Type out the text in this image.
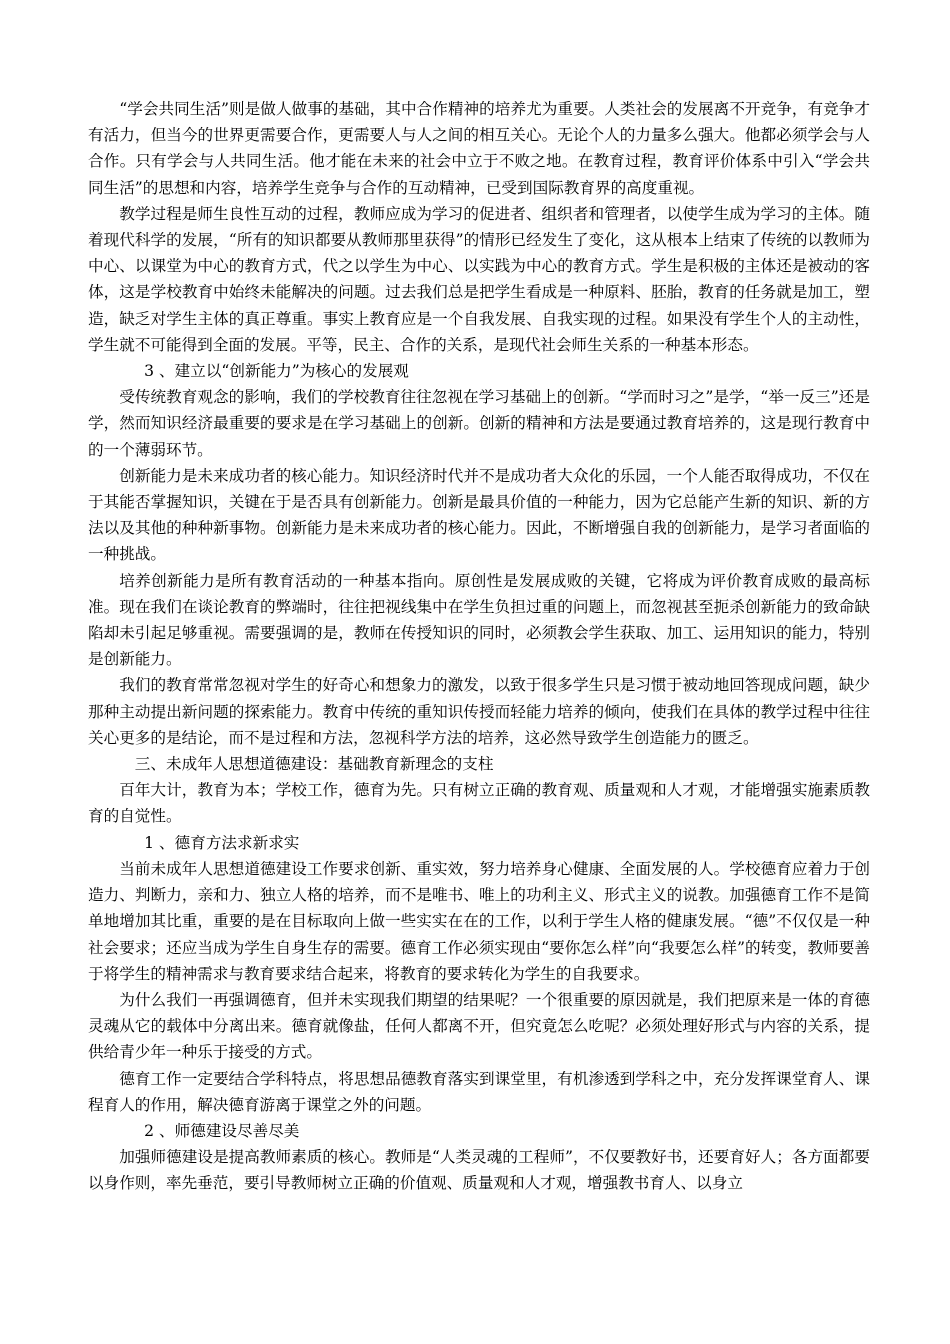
“学会共同生活”则是做人做事的基础，其中合作精神的培养尤为重要。人类社会的发展离不开竞争，有竞争才有活力，但当今的世界更需要合作，更需要人与人之间的相互关心。无论个人的力量多么强大。他都必须学会与人合作。只有学会与人共同生活。他才能在未来的社会中立于不败之地。在教育过程，教育评价体系中引入“学会共同生活”的思想和内容，培养学生竞争与合作的互动精神，已受到国际教育界的高度重视。

教学过程是师生良性互动的过程，教师应成为学习的促进者、组织者和管理者，以使学生成为学习的主体。随着现代科学的发展，“所有的知识都要从教师那里获得”的情形已经发生了变化，这从根本上结束了传统的以教师为中心、以课堂为中心的教育方式，代之以学生为中心、以实践为中心的教育方式。学生是积极的主体还是被动的客体，这是学校教育中始终未能解决的问题。过去我们总是把学生看成是一种原料、胚胎，教育的任务就是加工，塑造，缺乏对学生主体的真正尊重。事实上教育应是一个自我发展、自我实现的过程。如果没有学生个人的主动性，学生就不可能得到全面的发展。平等，民主、合作的关系，是现代社会师生关系的一种基本形态。

3 、建立以“创新能力”为核心的发展观

受传统教育观念的影响，我们的学校教育往往忽视在学习基础上的创新。“学而时习之”是学，“举一反三”还是学，然而知识经济最重要的要求是在学习基础上的创新。创新的精神和方法是要通过教育培养的，这是现行教育中的一个薄弱环节。

创新能力是未来成功者的核心能力。知识经济时代并不是成功者大众化的乐园，一个人能否取得成功，不仅在于其能否掌握知识，关键在于是否具有创新能力。创新是最具价值的一种能力，因为它总能产生新的知识、新的方法以及其他的种种新事物。创新能力是未来成功者的核心能力。因此，不断增强自我的创新能力，是学习者面临的一种挑战。

培养创新能力是所有教育活动的一种基本指向。原创性是发展成败的关键，它将成为评价教育成败的最高标准。现在我们在谈论教育的弊端时，往往把视线集中在学生负担过重的问题上，而忽视甚至扼杀创新能力的致命缺陷却未引起足够重视。需要强调的是，教师在传授知识的同时，必须教会学生获取、加工、运用知识的能力，特别是创新能力。

我们的教育常常忽视对学生的好奇心和想象力的激发，以致于很多学生只是习惯于被动地回答现成问题，缺少那种主动提出新问题的探索能力。教育中传统的重知识传授而轻能力培养的倾向，使我们在具体的教学过程中往往关心更多的是结论，而不是过程和方法，忽视科学方法的培养，这必然导致学生创造能力的匮乏。

三、未成年人思想道德建设：基础教育新理念的支柱

百年大计，教育为本；学校工作，德育为先。只有树立正确的教育观、质量观和人才观，才能增强实施素质教育的自觉性。

1 、德育方法求新求实

当前未成年人思想道德建设工作要求创新、重实效，努力培养身心健康、全面发展的人。学校德育应着力于创造力、判断力，亲和力、独立人格的培养，而不是唯书、唯上的功利主义、形式主义的说教。加强德育工作不是简单地增加其比重，重要的是在目标取向上做一些实实在在的工作，以利于学生人格的健康发展。“德”不仅仅是一种社会要求；还应当成为学生自身生存的需要。德育工作必须实现由“要你怎么样”向“我要怎么样”的转变，教师要善于将学生的精神需求与教育要求结合起来，将教育的要求转化为学生的自我要求。

为什么我们一再强调德育，但并未实现我们期望的结果呢？一个很重要的原因就是，我们把原来是一体的育德灵魂从它的载体中分离出来。德育就像盐，任何人都离不开，但究竟怎么吃呢？必须处理好形式与内容的关系，提供给青少年一种乐于接受的方式。

德育工作一定要结合学科特点，将思想品德教育落实到课堂里，有机渗透到学科之中，充分发挥课堂育人、课程育人的作用，解决德育游离于课堂之外的问题。

2 、师德建设尽善尽美

加强师德建设是提高教师素质的核心。教师是“人类灵魂的工程师”，不仅要教好书，还要育好人；各方面都要以身作则，率先垂范，要引导教师树立正确的价值观、质量观和人才观，增强教书育人、以身立
